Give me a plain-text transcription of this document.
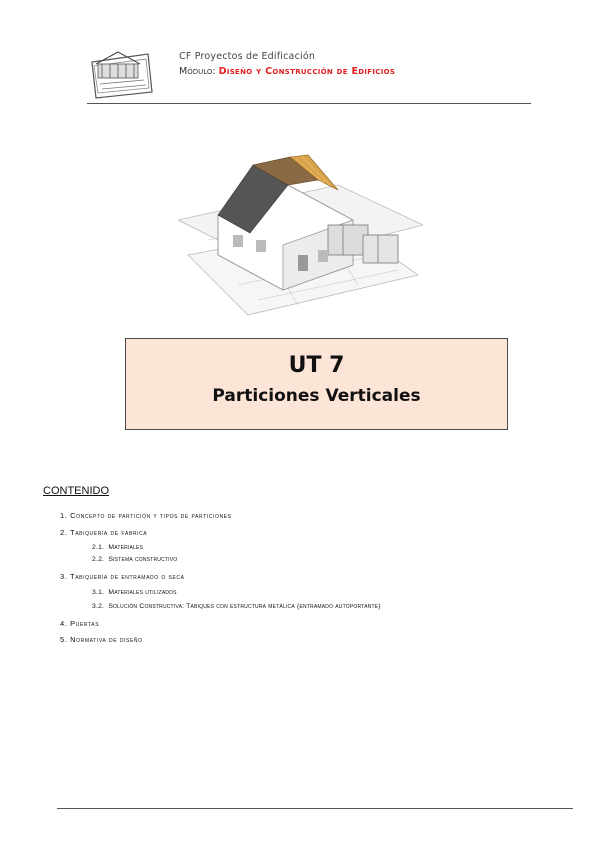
CF Proyectos de Edificación
Módulo: Diseño y Construcción de Edificios
UT 7
Particiones Verticales
CONTENIDO
1. Concepto de partición y tipos de particiones
2. Tabiquería de fábrica
2.1. Materiales
2.2. Sistema constructivo
3. Tabiquería de entramado o seca
3.1. Materiales utilizados
3.2. Solución Constructiva: Tabiques con estructura metálica (entramado autoportante)
4. Puertas
5. Normativa de diseño
